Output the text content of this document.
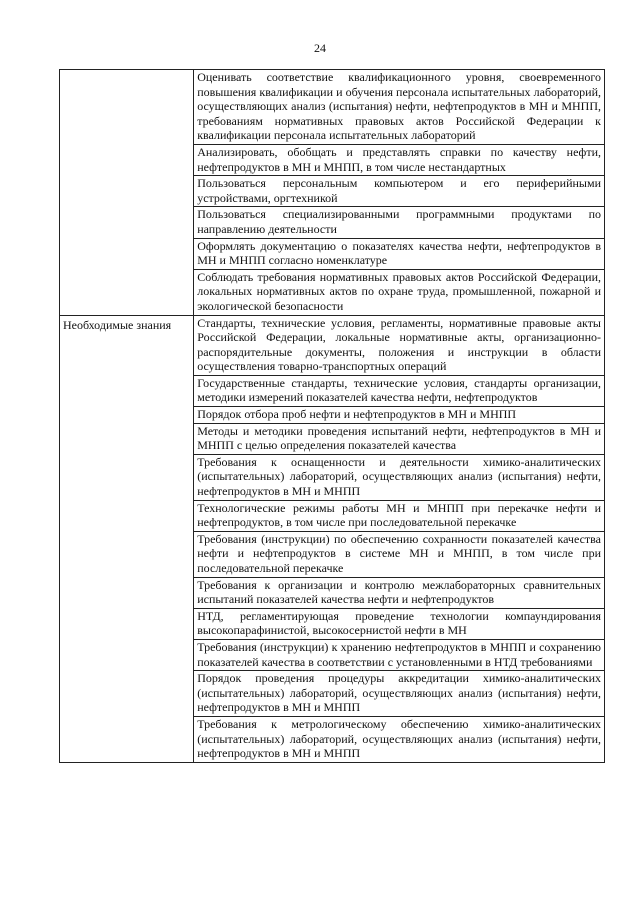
24
	Оценивать соответствие квалификационного уровня, своевременного повышения квалификации и обучения персонала испытательных лабораторий, осуществляющих анализ (испытания) нефти, нефтепродуктов в МН и МНПП, требованиям нормативных правовых актов Российской Федерации к квалификации персонала испытательных лабораторий
	Анализировать, обобщать и представлять справки по качеству нефти, нефтепродуктов в МН и МНПП, в том числе нестандартных
	Пользоваться персональным компьютером и его периферийными устройствами, оргтехникой
	Пользоваться специализированными программными продуктами по направлению деятельности
	Оформлять документацию о показателях качества нефти, нефтепродуктов в МН и МНПП согласно номенклатуре
	Соблюдать требования нормативных правовых актов Российской Федерации, локальных нормативных актов по охране труда, промышленной, пожарной и экологической безопасности
Необходимые знания	Стандарты, технические условия, регламенты, нормативные правовые акты Российской Федерации, локальные нормативные акты, организационно-распорядительные документы, положения и инструкции в области осуществления товарно-транспортных операций
	Государственные стандарты, технические условия, стандарты организации, методики измерений показателей качества нефти, нефтепродуктов
	Порядок отбора проб нефти и нефтепродуктов в МН и МНПП
	Методы и методики проведения испытаний нефти, нефтепродуктов в МН и МНПП с целью определения показателей качества
	Требования к оснащенности и деятельности химико-аналитических (испытательных) лабораторий, осуществляющих анализ (испытания) нефти, нефтепродуктов в МН и МНПП
	Технологические режимы работы МН и МНПП при перекачке нефти и нефтепродуктов, в том числе при последовательной перекачке
	Требования (инструкции) по обеспечению сохранности показателей качества нефти и нефтепродуктов в системе МН и МНПП, в том числе при последовательной перекачке
	Требования к организации и контролю межлабораторных сравнительных испытаний показателей качества нефти и нефтепродуктов
	НТД, регламентирующая проведение технологии компаундирования высокопарафинистой, высокосернистой нефти в МН
	Требования (инструкции) к хранению нефтепродуктов в МНПП и сохранению показателей качества в соответствии с установленными в НТД требованиями
	Порядок проведения процедуры аккредитации химико-аналитических (испытательных) лабораторий, осуществляющих анализ (испытания) нефти, нефтепродуктов в МН и МНПП
	Требования к метрологическому обеспечению химико-аналитических (испытательных) лабораторий, осуществляющих анализ (испытания) нефти, нефтепродуктов в МН и МНПП
